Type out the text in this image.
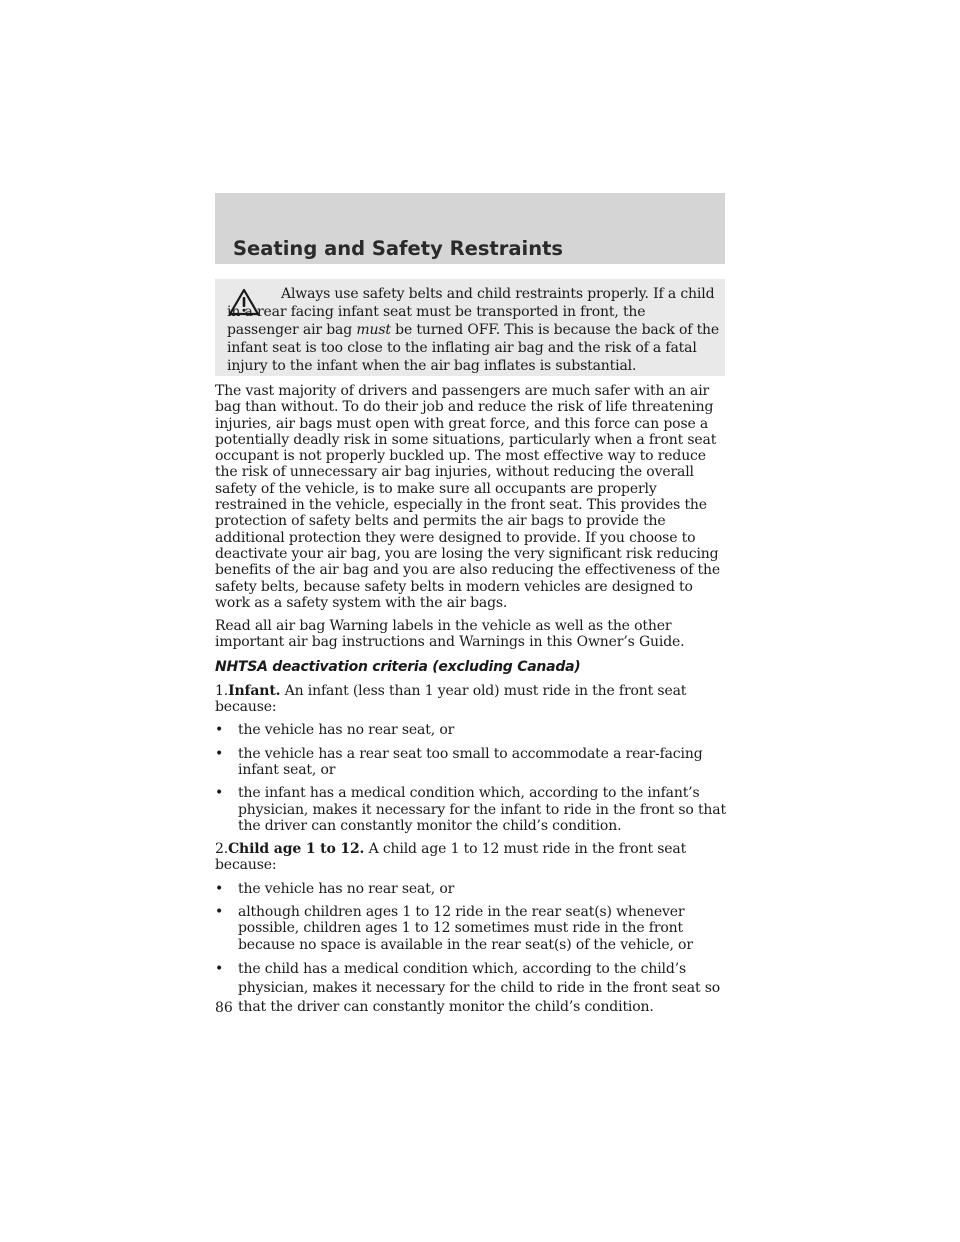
Seating and Safety Restraints
Always use safety belts and child restraints properly. If a child in a rear facing infant seat must be transported in front, the passenger air bag must be turned OFF. This is because the back of the infant seat is too close to the inflating air bag and the risk of a fatal injury to the infant when the air bag inflates is substantial.

The vast majority of drivers and passengers are much safer with an air bag than without. To do their job and reduce the risk of life threatening injuries, air bags must open with great force, and this force can pose a potentially deadly risk in some situations, particularly when a front seat occupant is not properly buckled up. The most effective way to reduce the risk of unnecessary air bag injuries, without reducing the overall safety of the vehicle, is to make sure all occupants are properly restrained in the vehicle, especially in the front seat. This provides the protection of safety belts and permits the air bags to provide the additional protection they were designed to provide. If you choose to deactivate your air bag, you are losing the very significant risk reducing benefits of the air bag and you are also reducing the effectiveness of the safety belts, because safety belts in modern vehicles are designed to work as a safety system with the air bags.

Read all air bag Warning labels in the vehicle as well as the other important air bag instructions and Warnings in this Owner’s Guide.

NHTSA deactivation criteria (excluding Canada)

1.Infant. An infant (less than 1 year old) must ride in the front seat because:

• the vehicle has no rear seat, or
• the vehicle has a rear seat too small to accommodate a rear-facing infant seat, or
• the infant has a medical condition which, according to the infant’s physician, makes it necessary for the infant to ride in the front so that the driver can constantly monitor the child’s condition.

2.Child age 1 to 12. A child age 1 to 12 must ride in the front seat because:

• the vehicle has no rear seat, or
• although children ages 1 to 12 ride in the rear seat(s) whenever possible, children ages 1 to 12 sometimes must ride in the front because no space is available in the rear seat(s) of the vehicle, or
• the child has a medical condition which, according to the child’s physician, makes it necessary for the child to ride in the front seat so that the driver can constantly monitor the child’s condition.
86
